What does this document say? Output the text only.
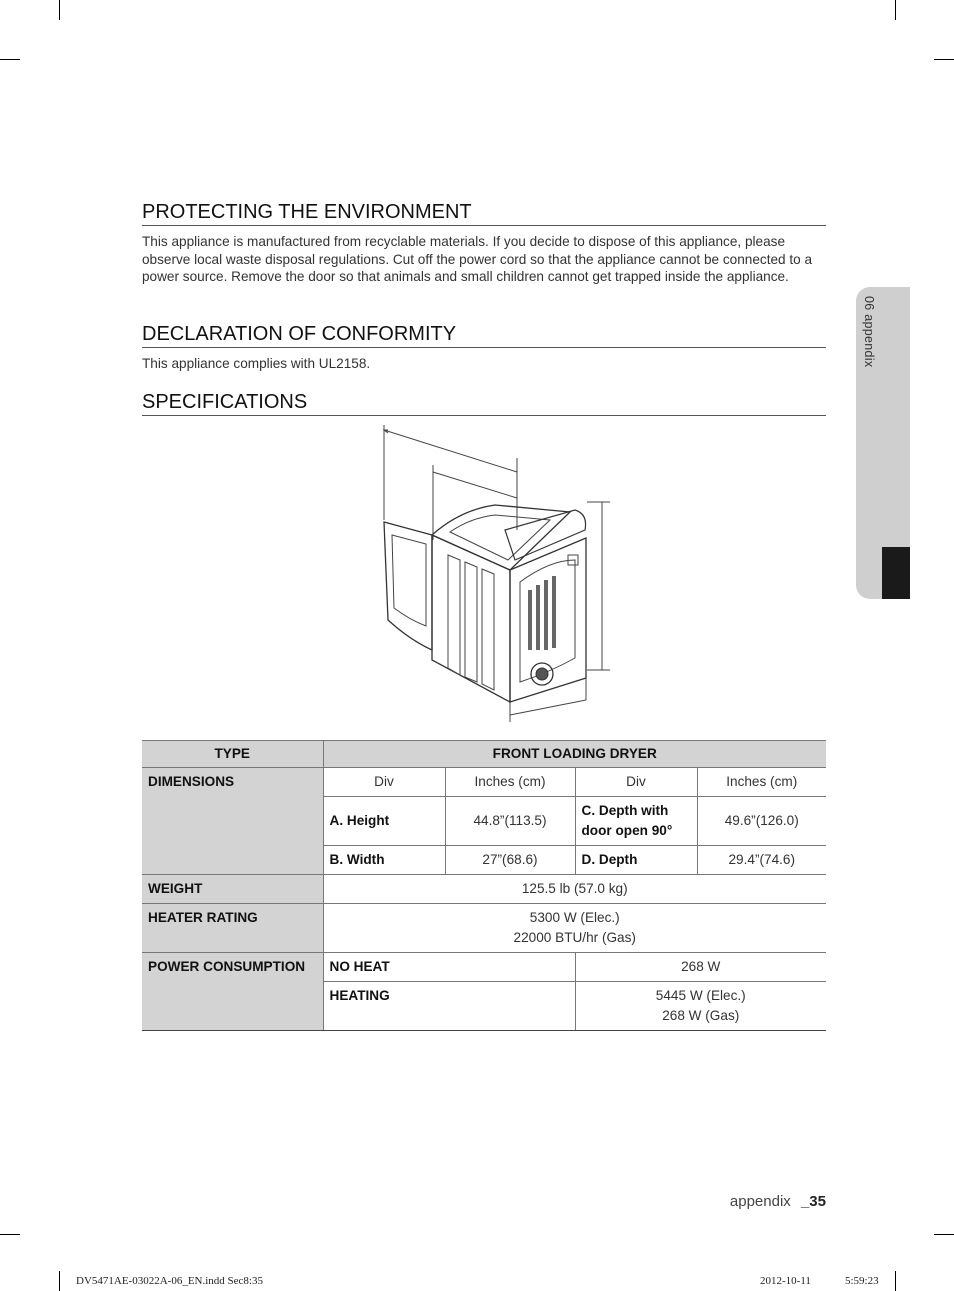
06 appendix
PROTECTING THE ENVIRONMENT
This appliance is manufactured from recyclable materials. If you decide to dispose of this appliance, please observe local waste disposal regulations. Cut off the power cord so that the appliance cannot be connected to a power source. Remove the door so that animals and small children cannot get trapped inside the appliance.
DECLARATION OF CONFORMITY
This appliance complies with UL2158.
SPECIFICATIONS
TYPE	FRONT LOADING DRYER			
DIMENSIONS	Div	Inches (cm)	Div	Inches (cm)
	A. Height	44.8”(113.5)	C. Depth with door open 90°	49.6”(126.0)
	B. Width	27”(68.6)	D. Depth	29.4”(74.6)
WEIGHT	125.5 lb (57.0 kg)			
HEATER RATING	5300 W (Elec.)
22000 BTU/hr (Gas)			

POWER CONSUMPTION	NO HEAT		268 W	
	HEATING		5445 W (Elec.)
268 W (Gas)	
appendix _35
DV5471AE-03022A-06_EN.indd Sec8:35	2012-10-11	5:59:23
